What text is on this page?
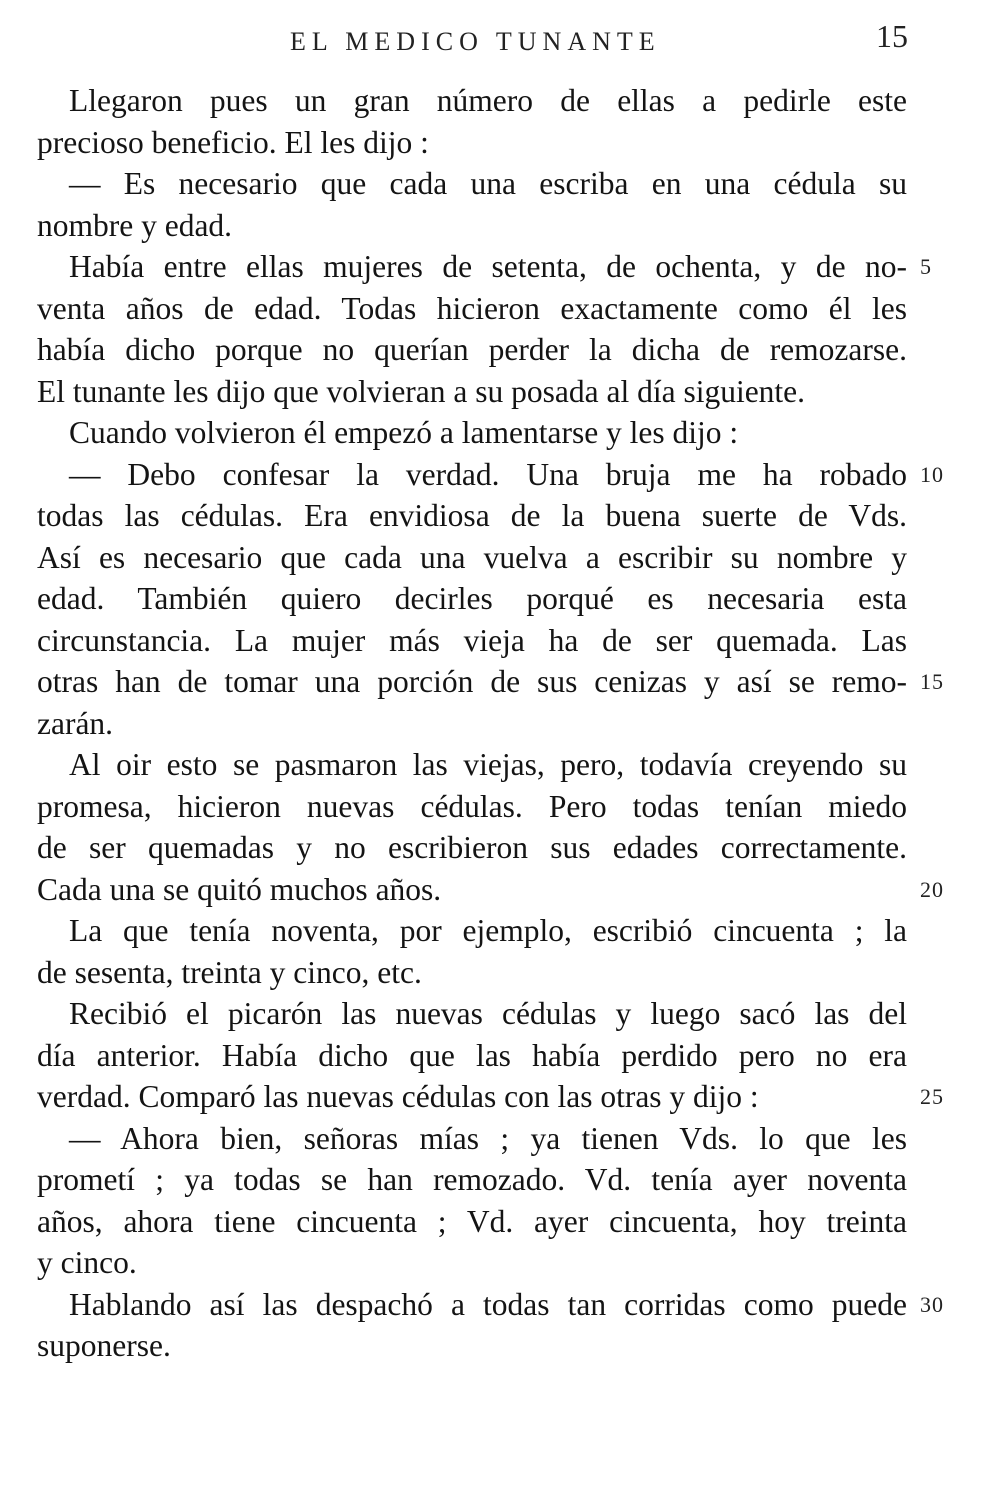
EL MEDICO TUNANTE	15
Llegaron pues un gran número de ellas a pedirle este
precioso beneficio. El les dijo :
— Es necesario que cada una escriba en una cédula su
nombre y edad.
Había entre ellas mujeres de setenta, de ochenta, y de no-
venta años de edad. Todas hicieron exactamente como él les
había dicho porque no querían perder la dicha de remozarse.
El tunante les dijo que volvieran a su posada al día siguiente.
Cuando volvieron él empezó a lamentarse y les dijo :
— Debo confesar la verdad. Una bruja me ha robado
todas las cédulas. Era envidiosa de la buena suerte de Vds.
Así es necesario que cada una vuelva a escribir su nombre y
edad. También quiero decirles porqué es necesaria esta
circunstancia. La mujer más vieja ha de ser quemada. Las
otras han de tomar una porción de sus cenizas y así se remo-
zarán.
Al oir esto se pasmaron las viejas, pero, todavía creyendo su
promesa, hicieron nuevas cédulas. Pero todas tenían miedo
de ser quemadas y no escribieron sus edades correctamente.
Cada una se quitó muchos años.
La que tenía noventa, por ejemplo, escribió cincuenta ; la
de sesenta, treinta y cinco, etc.
Recibió el picarón las nuevas cédulas y luego sacó las del
día anterior. Había dicho que las había perdido pero no era
verdad. Comparó las nuevas cédulas con las otras y dijo :
— Ahora bien, señoras mías ; ya tienen Vds. lo que les
prometí ; ya todas se han remozado. Vd. tenía ayer noventa
años, ahora tiene cincuenta ; Vd. ayer cincuenta, hoy treinta
y cinco.
Hablando así las despachó a todas tan corridas como puede
suponerse.
5
10
15
20
25
30
